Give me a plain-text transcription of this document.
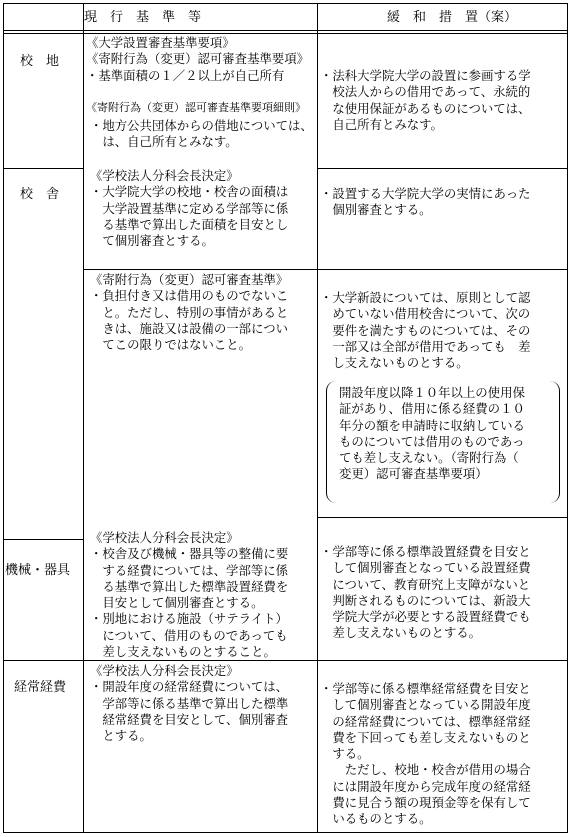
現　行　基　準　等	緩　和　措　置（案）
校　地
校　舎
機械・器具
経常経費
《大学設置審査基準要項》
《寄附行為（変更）認可審査基準要項》
・基準面積の１／２以上が自己所有
《寄附行為（変更）認可審査基準要項細則》
・地方公共団体からの借地については、
　は、自己所有とみなす。
《学校法人分科会長決定》
・大学院大学の校地・校舎の面積は
　大学設置基準に定める学部等に係
　る基準で算出した面積を目安とし
　て個別審査とする。
《寄附行為（変更）認可審査基準》
・負担付き又は借用のものでないこ
　と。ただし、特別の事情があると
　きは、施設又は設備の一部につい
　てこの限りではないこと。
《学校法人分科会長決定》
・校舎及び機械・器具等の整備に要
　する経費については、学部等に係
　る基準で算出した標準設置経費を
　目安として個別審査とする。
・別地における施設（サテライト）
　について、借用のものであっても
　差し支えないものとすること。
《学校法人分科会長決定》
・開設年度の経常経費については、
　学部等に係る基準で算出した標準
　経常経費を目安として、個別審査
　とする。
・法科大学院大学の設置に参画する学
　校法人からの借用であって、永続的
　な使用保証があるものについては、
　自己所有とみなす。
・設置する大学院大学の実情にあった
　個別審査とする。
・大学新設については、原則として認
　めていない借用校舎について、次の
　要件を満たすものについては、その
　一部又は全部が借用であっても　差
　し支えないものとする。
開設年度以降１０年以上の使用保
証があり、借用に係る経費の１０
年分の額を申請時に収納している
ものについては借用のものであっ
ても差し支えない。（寄附行為（
変更）認可審査基準要項）
・学部等に係る標準設置経費を目安と
　して個別審査となっている設置経費
　について、教育研究上支障がないと
　判断されるものについては、新設大
　学院大学が必要とする設置経費でも
　差し支えないものとする。
・学部等に係る標準経常経費を目安と
　して個別審査となっている開設年度
　の経常経費については、標準経常経
　費を下回っても差し支えないものと
　する。
　　ただし、校地・校舎が借用の場合
　には開設年度から完成年度の経常経
　費に見合う額の現預金等を保有して
　いるものとする。
